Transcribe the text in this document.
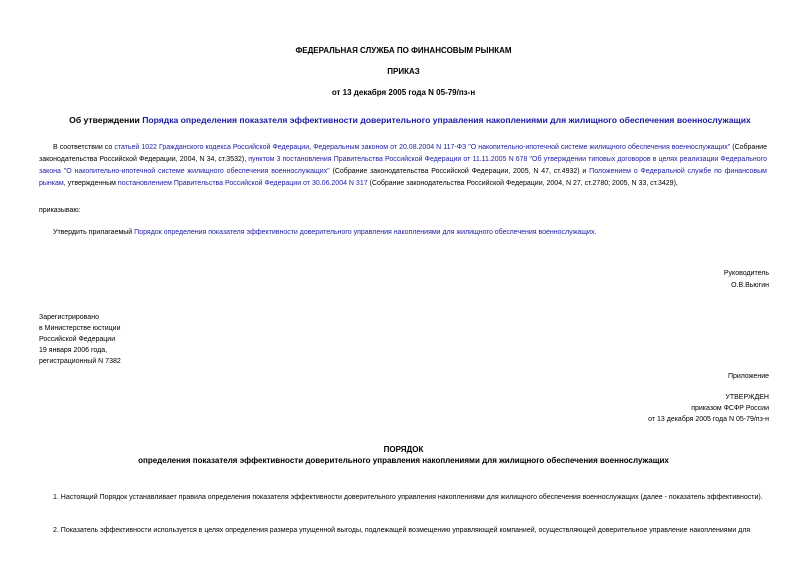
ФЕДЕРАЛЬНАЯ СЛУЖБА ПО ФИНАНСОВЫМ РЫНКАМ
ПРИКАЗ
от 13 декабря 2005 года N 05-79/пз-н
Об утверждении Порядка определения показателя эффективности доверительного управления накоплениями для жилищного обеспечения военнослужащих
В соответствии со статьей 1022 Гражданского кодекса Российской Федерации, Федеральным законом от 20.08.2004 N 117-ФЗ "О накопительно-ипотечной системе жилищного обеспечения военнослужащих" (Собрание законодательства Российской Федерации, 2004, N 34, ст.3532), пунктом 3 постановления Правительства Российской Федерации от 11.11.2005 N 678 "Об утверждении типовых договоров в целях реализации Федерального закона "О накопительно-ипотечной системе жилищного обеспечения военнослужащих" (Собрание законодательства Российской Федерации, 2005, N 47, ст.4932) и Положением о Федеральной службе по финансовым рынкам, утвержденным постановлением Правительства Российской Федерации от 30.06.2004 N 317 (Собрание законодательства Российской Федерации, 2004, N 27, ст.2780; 2005, N 33, ст.3429),
приказываю:
Утвердить прилагаемый Порядок определения показателя эффективности доверительного управления накоплениями для жилищного обеспечения военнослужащих.
Руководитель
О.В.Вьюгин
Зарегистрировано
в Министерстве юстиции
Российской Федерации
19 января 2006 года,
регистрационный N 7382
Приложение
УТВЕРЖДЕН
приказом ФСФР России
от 13 декабря 2005 года N 05-79/пз-н
ПОРЯДОК
определения показателя эффективности доверительного управления накоплениями для жилищного обеспечения военнослужащих
1. Настоящий Порядок устанавливает правила определения показателя эффективности доверительного управления накоплениями для жилищного обеспечения военнослужащих (далее - показатель эффективности).
2. Показатель эффективности используется в целях определения размера упущенной выгоды, подлежащей возмещению управляющей компанией, осуществляющей доверительное управление накоплениями для
